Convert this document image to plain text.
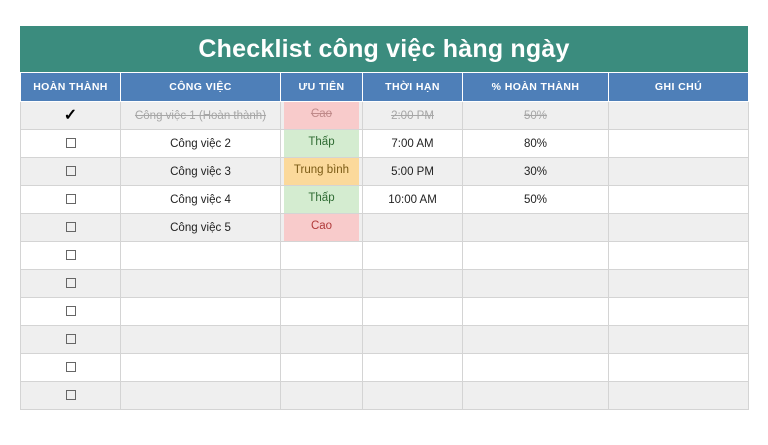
Checklist công việc hàng ngày
HOÀN THÀNH	CÔNG VIỆC	ƯU TIÊN	THỜI HẠN	% HOÀN THÀNH	GHI CHÚ
✓	Công việc 1 (Hoàn thành)	Cao	2:00 PM	50%	
	Công việc 2	Thấp	7:00 AM	80%	
	Công việc 3	Trung bình	5:00 PM	30%	
	Công việc 4	Thấp	10:00 AM	50%	
	Công việc 5	Cao			
